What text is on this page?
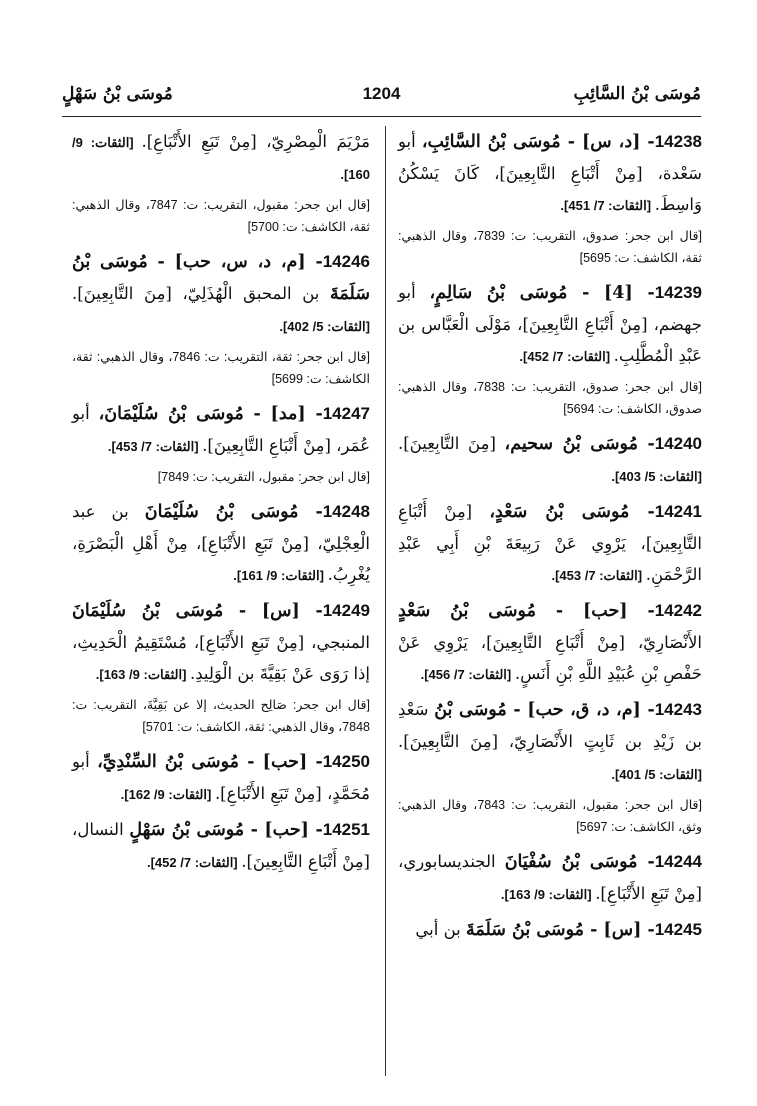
مُوسَى بْنُ سَهْلٍ	1204	مُوسَى بْنُ السَّائِبِ

14238- [د، س] - مُوسَى بْنُ السَّائِبِ، أبو سَعْدة، [مِنْ أَتْبَاعِ التَّابِعِينَ]، كَانَ يَسْكُنُ وَاسِطَ. [الثقات: 7/ 451].

[قال ابن جحر: صدوق، التقريب: ت: 7839، وقال الذهبي: ثقة، الكاشف: ت: 5695]

14239- [4] - مُوسَى بْنُ سَالِمٍ، أبو جهضم، [مِنْ أَتْبَاعِ التَّابِعِينَ]، مَوْلَى الْعَبَّاس بن عَبْدِ الْمُطَّلِبِ. [الثقات: 7/ 452].

[قال ابن جحر: صدوق، التقريب: ت: 7838، وقال الذهبي: صدوق، الكاشف: ت: 5694]

14240- مُوسَى بْنُ سحيم، [مِنَ التَّابِعِينَ]. [الثقات: 5/ 403].

14241- مُوسَى بْنُ سَعْدٍ، [مِنْ أَتْبَاعِ التَّابِعِينَ]، يَرْوِي عَنْ رَبِيعَةَ بْنِ أَبِي عَبْدِ الرَّحْمَنِ. [الثقات: 7/ 453].

14242- [حب] - مُوسَى بْنُ سَعْدٍ الأَنْصَارِيّ، [مِنْ أَتْبَاعِ التَّابِعِينَ]، يَرْوِي عَنْ حَفْصِ بْنِ عُبَيْدِ اللَّهِ بْنِ أَنَسٍ. [الثقات: 7/ 456].

14243- [م، د، ق، حب] - مُوسَى بْنُ سَعْدِ بن زَيْدِ بن ثَابِتٍ الأَنْصَارِيّ، [مِنَ التَّابِعِينَ]. [الثقات: 5/ 401].

[قال ابن جحر: مقبول، التقريب: ت: 7843، وقال الذهبي: وثق، الكاشف: ت: 5697]

14244- مُوسَى بْنُ سُفْيَانَ الجنديسابوري، [مِنْ تَبَعِ الأَتْبَاعِ]. [الثقات: 9/ 163].

14245- [س] - مُوسَى بْنُ سَلَمَةَ بن أبي

مَرْيَمَ الْمِصْرِيّ، [مِنْ تَبَعِ الأَتْبَاعِ]. [الثقات: 9/ 160].

[قال ابن جحر: مقبول، التقريب: ت: 7847، وقال الذهبي: ثقة، الكاشف: ت: 5700]

14246- [م، د، س، حب] - مُوسَى بْنُ سَلَمَةَ بن المحبق الْهُذَلِيّ، [مِنَ التَّابِعِينَ]. [الثقات: 5/ 402].

[قال ابن جحر: ثقة، التقريب: ت: 7846، وقال الذهبي: ثقة، الكاشف: ت: 5699]

14247- [مد] - مُوسَى بْنُ سُلَيْمَانَ، أبو عُمَر، [مِنْ أَتْبَاعِ التَّابِعِينَ]. [الثقات: 7/ 453].

[قال ابن جحر: مقبول، التقريب: ت: 7849]

14248- مُوسَى بْنُ سُلَيْمَانَ بن عبد الْعِجْلِيّ، [مِنْ تَبَعِ الأَتْبَاعِ]، مِنْ أَهْلِ الْبَصْرَةِ، يُغْرِبُ. [الثقات: 9/ 161].

14249- [س] - مُوسَى بْنُ سُلَيْمَانَ المنبجي، [مِنْ تَبَعِ الأَتْبَاعِ]، مُسْتَقِيمُ الْحَدِيثِ، إذا رَوَى عَنْ بَقِيَّةَ بن الْوَلِيدِ. [الثقات: 9/ 163].

[قال ابن جحر: صَالِح الحديث، إلا عن بَقِيَّةَ، التقريب: ت: 7848، وقال الذهبي: ثقة، الكاشف: ت: 5701]

14250- [حب] - مُوسَى بْنُ السِّنْدِيِّ، أبو مُحَمَّدٍ، [مِنْ تَبَعِ الأَتْبَاعِ]. [الثقات: 9/ 162].

14251- [حب] - مُوسَى بْنُ سَهْلٍ النسال، [مِنْ أَتْبَاعِ التَّابِعِينَ]. [الثقات: 7/ 452].
